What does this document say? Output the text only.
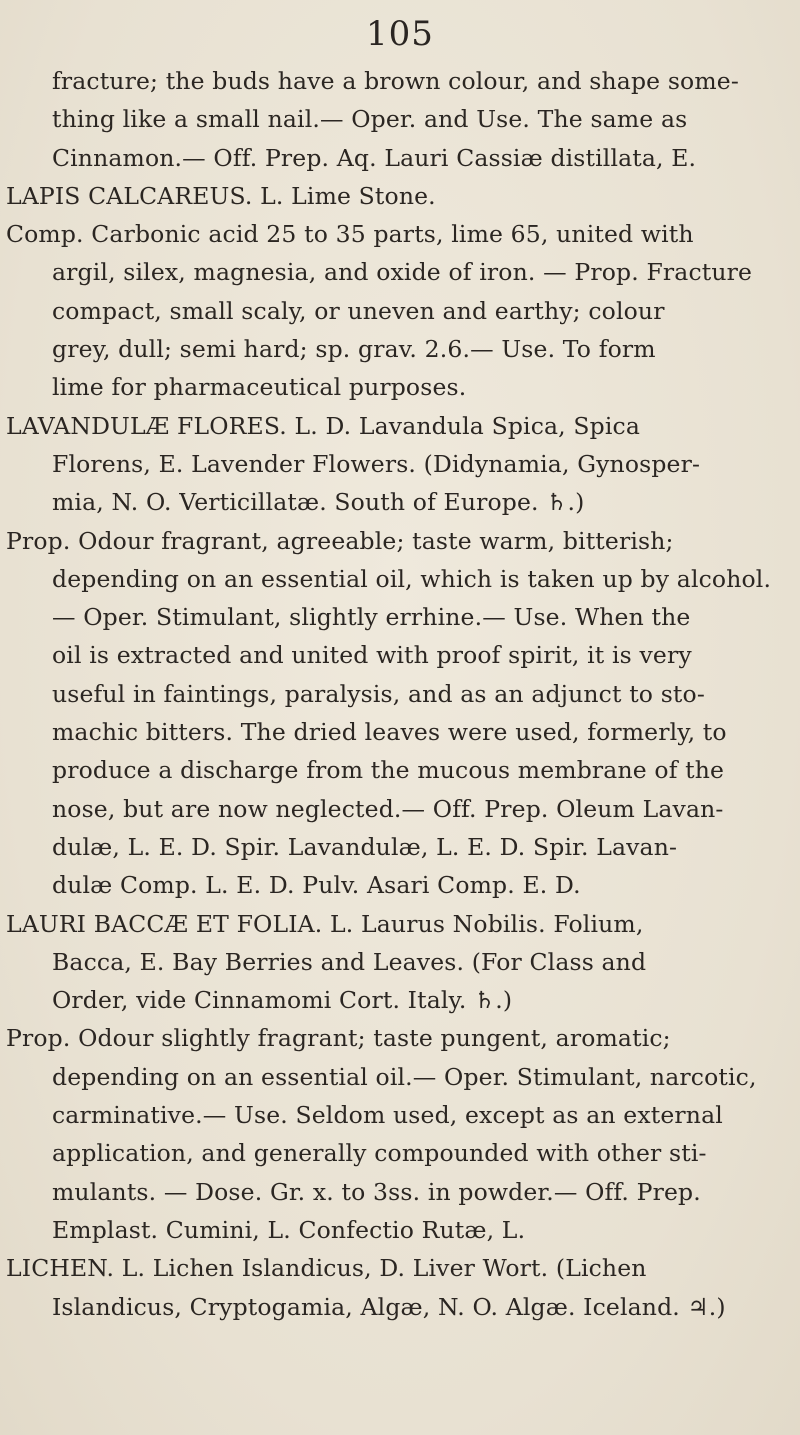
105
fracture; the buds have a brown colour, and shape some-
thing like a small nail.— Oper. and Use. The same as
Cinnamon.— Off. Prep. Aq. Lauri Cassiæ distillata, E.
LAPIS CALCAREUS. L. Lime Stone.
Comp. Carbonic acid 25 to 35 parts, lime 65, united with
argil, silex, magnesia, and oxide of iron. — Prop. Fracture
compact, small scaly, or uneven and earthy; colour
grey, dull; semi hard; sp. grav. 2.6.— Use. To form
lime for pharmaceutical purposes.
LAVANDULÆ FLORES. L. D. Lavandula Spica, Spica
Florens, E. Lavender Flowers. (Didynamia, Gynosper-
mia, N. O. Verticillatæ. South of Europe. ♄.)
Prop. Odour fragrant, agreeable; taste warm, bitterish;
depending on an essential oil, which is taken up by alcohol.
— Oper. Stimulant, slightly errhine.— Use. When the
oil is extracted and united with proof spirit, it is very
useful in faintings, paralysis, and as an adjunct to sto-
machic bitters. The dried leaves were used, formerly, to
produce a discharge from the mucous membrane of the
nose, but are now neglected.— Off. Prep. Oleum Lavan-
dulæ, L. E. D. Spir. Lavandulæ, L. E. D. Spir. Lavan-
dulæ Comp. L. E. D. Pulv. Asari Comp. E. D.
LAURI BACCÆ ET FOLIA. L. Laurus Nobilis. Folium,
Bacca, E. Bay Berries and Leaves. (For Class and
Order, vide Cinnamomi Cort. Italy. ♄.)
Prop. Odour slightly fragrant; taste pungent, aromatic;
depending on an essential oil.— Oper. Stimulant, narcotic,
carminative.— Use. Seldom used, except as an external
application, and generally compounded with other sti-
mulants. — Dose. Gr. x. to 3ss. in powder.— Off. Prep.
Emplast. Cumini, L. Confectio Rutæ, L.
LICHEN. L. Lichen Islandicus, D. Liver Wort. (Lichen
Islandicus, Cryptogamia, Algæ, N. O. Algæ. Iceland. ♃.)
